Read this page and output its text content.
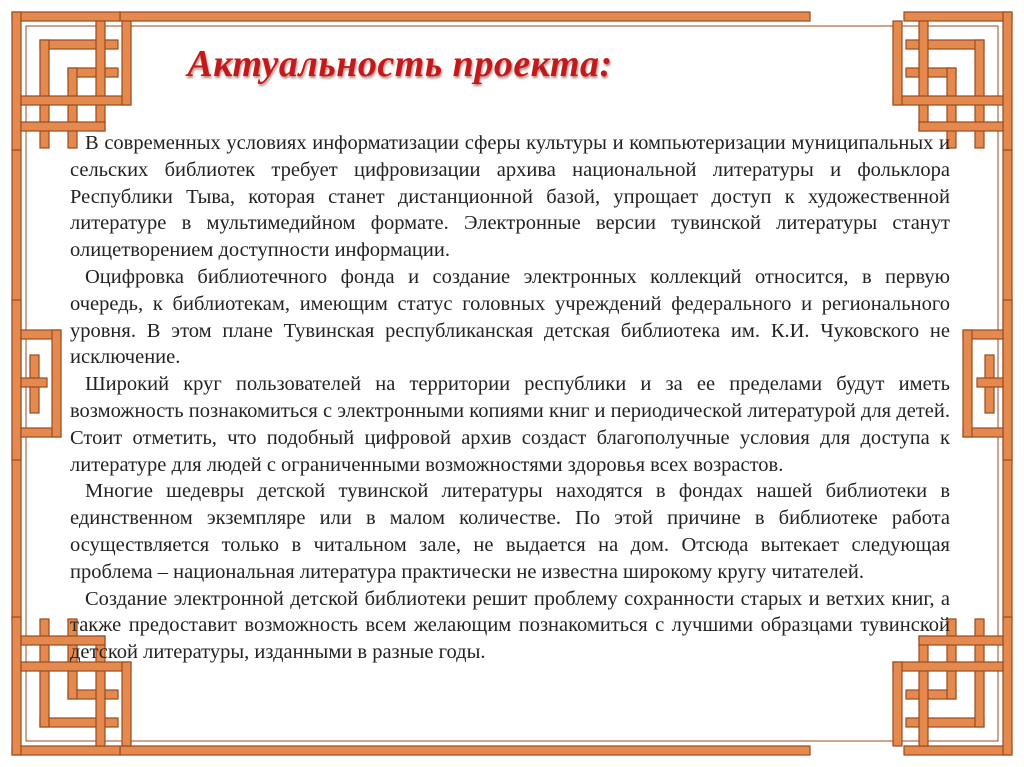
Актуальность проекта:

В современных условиях информатизации сферы культуры и компьютеризации муниципальных и сельских библиотек требует цифровизации архива национальной литературы и фольклора Республики Тыва, которая станет дистанционной базой, упрощает доступ к художественной литературе в мультимедийном формате. Электронные версии тувинской литературы станут олицетворением доступности информации.

Оцифровка библиотечного фонда и создание электронных коллекций относится, в первую очередь, к библиотекам, имеющим статус головных учреждений федерального и регионального уровня. В этом плане Тувинская республиканская детская библиотека им. К.И. Чуковского не исключение.

Широкий круг пользователей на территории республики и за ее пределами будут иметь возможность познакомиться с электронными копиями книг и периодической литературой для детей. Стоит отметить, что подобный цифровой архив создаст благополучные условия для доступа к литературе для людей с ограниченными возможностями здоровья всех возрастов.

Многие шедевры детской тувинской литературы находятся в фондах нашей библиотеки в единственном экземпляре или в малом количестве. По этой причине в библиотеке работа осуществляется только в читальном зале, не выдается на дом. Отсюда вытекает следующая проблема – национальная литература практически не известна широкому кругу читателей.

Создание электронной детской библиотеки решит проблему сохранности старых и ветхих книг, а также предоставит возможность всем желающим познакомиться с лучшими образцами тувинской детской литературы, изданными в разные годы.
